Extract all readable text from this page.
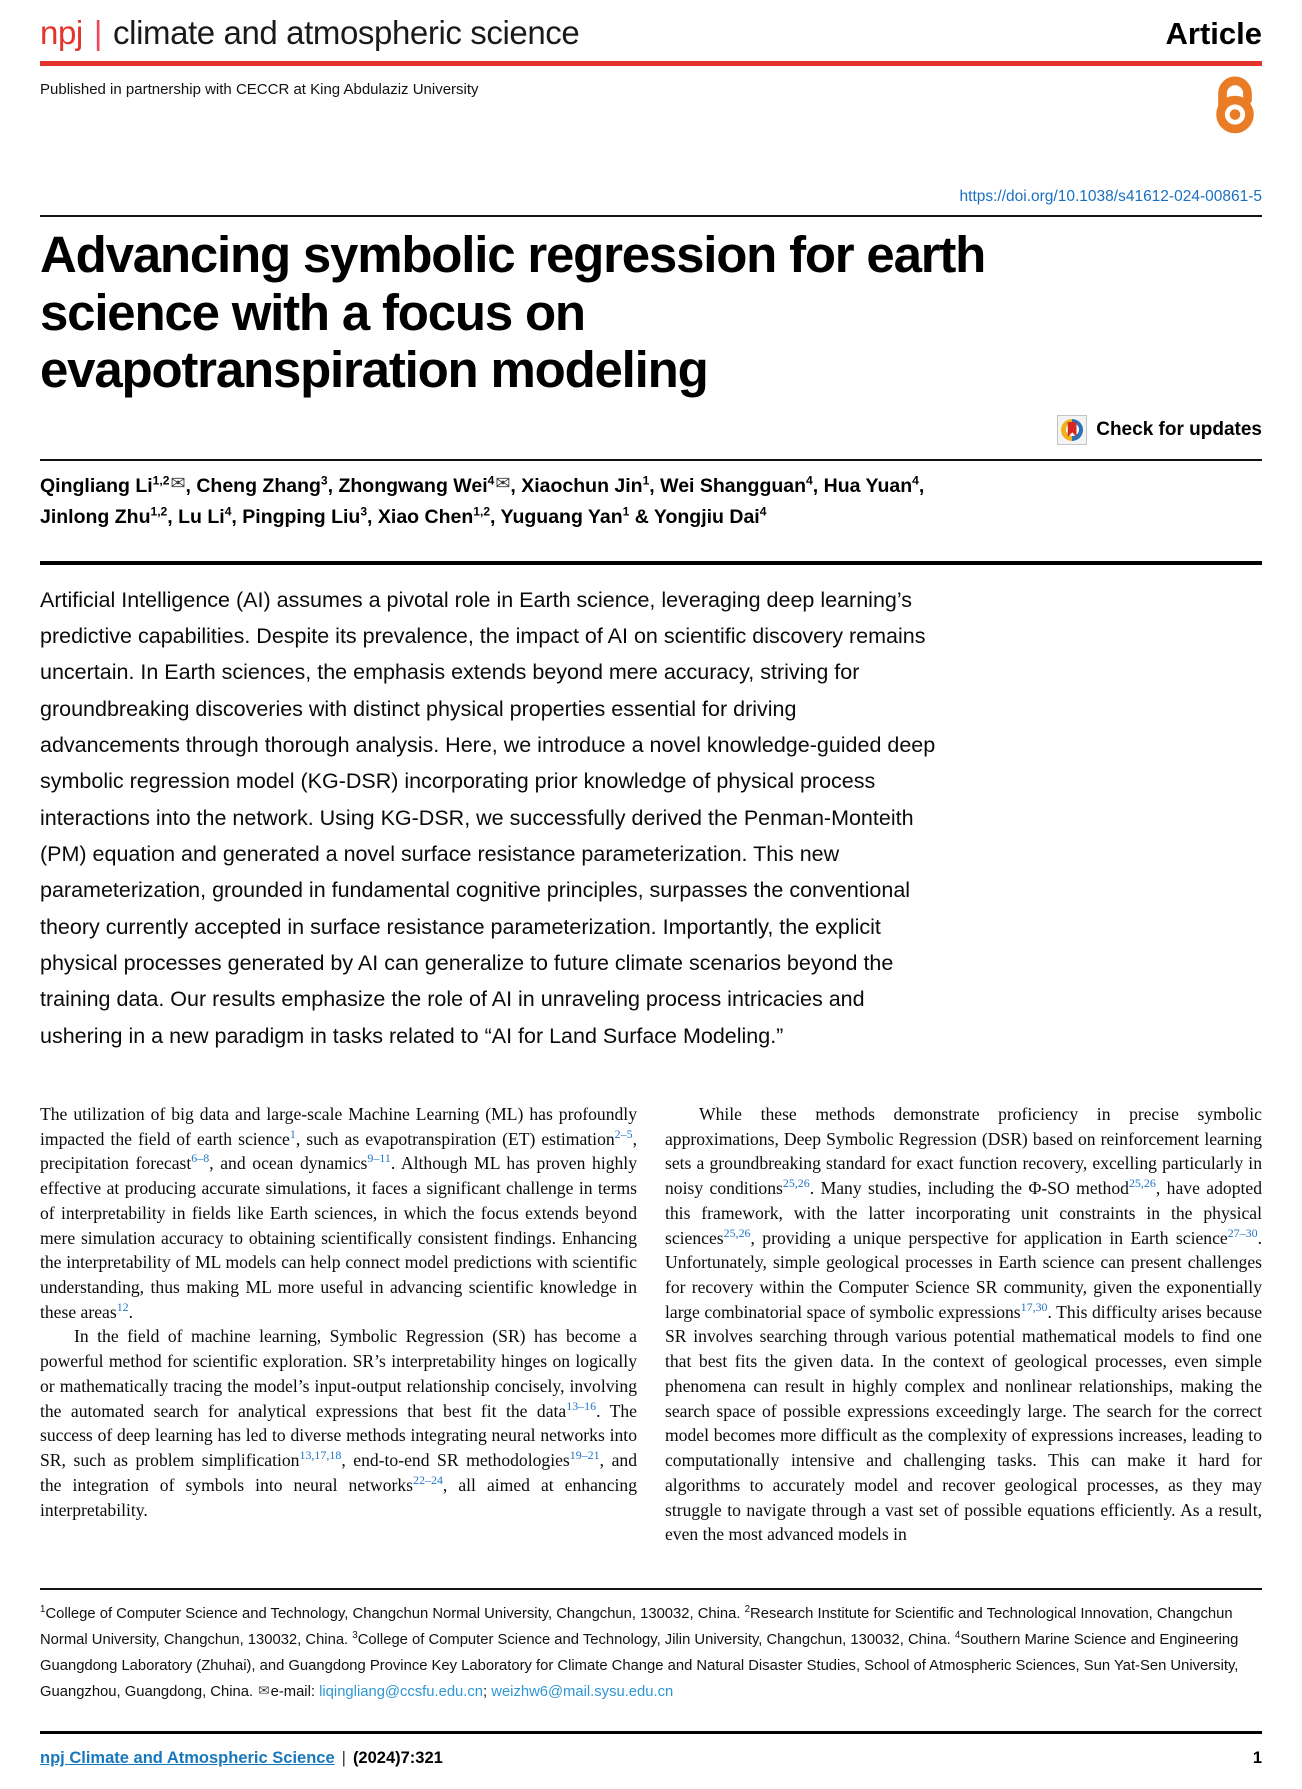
npj | climate and atmospheric science	Article
Published in partnership with CECCR at King Abdulaziz University
https://doi.org/10.1038/s41612-024-00861-5
Advancing symbolic regression for earth
science with a focus on
evapotranspiration modeling
Check for updates

Qingliang Li$^{1,2}$✉, Cheng Zhang$^3$, Zhongwang Wei$^4$✉, Xiaochun Jin$^1$, Wei Shangguan$^4$, Hua Yuan$^4$, Jinlong Zhu$^{1,2}$, Lu Li$^4$, Pingping Liu$^3$, Xiao Chen$^{1,2}$, Yuguang Yan$^1$ & Yongjiu Dai$^4$

Artificial Intelligence (AI) assumes a pivotal role in Earth science, leveraging deep learning’s predictive capabilities. Despite its prevalence, the impact of AI on scientific discovery remains uncertain. In Earth sciences, the emphasis extends beyond mere accuracy, striving for groundbreaking discoveries with distinct physical properties essential for driving advancements through thorough analysis. Here, we introduce a novel knowledge-guided deep symbolic regression model (KG-DSR) incorporating prior knowledge of physical process interactions into the network. Using KG-DSR, we successfully derived the Penman-Monteith (PM) equation and generated a novel surface resistance parameterization. This new parameterization, grounded in fundamental cognitive principles, surpasses the conventional theory currently accepted in surface resistance parameterization. Importantly, the explicit physical processes generated by AI can generalize to future climate scenarios beyond the training data. Our results emphasize the role of AI in unraveling process intricacies and ushering in a new paradigm in tasks related to “AI for Land Surface Modeling.”

The utilization of big data and large-scale Machine Learning (ML) has profoundly impacted the field of earth science$^1$, such as evapotranspiration (ET) estimation$^{2-5}$, precipitation forecast$^{6-8}$, and ocean dynamics$^{9-11}$. Although ML has proven highly effective at producing accurate simulations, it faces a significant challenge in terms of interpretability in fields like Earth sciences, in which the focus extends beyond mere simulation accuracy to obtaining scientifically consistent findings. Enhancing the interpretability of ML models can help connect model predictions with scientific understanding, thus making ML more useful in advancing scientific knowledge in these areas$^{12}$.

In the field of machine learning, Symbolic Regression (SR) has become a powerful method for scientific exploration. SR’s interpretability hinges on logically or mathematically tracing the model’s input-output relationship concisely, involving the automated search for analytical expressions that best fit the data$^{13-16}$. The success of deep learning has led to diverse methods integrating neural networks into SR, such as problem simplification$^{13,17,18}$, end-to-end SR methodologies$^{19-21}$, and the integration of symbols into neural networks$^{22-24}$, all aimed at enhancing interpretability.

While these methods demonstrate proficiency in precise symbolic approximations, Deep Symbolic Regression (DSR) based on reinforcement learning sets a groundbreaking standard for exact function recovery, excelling particularly in noisy conditions$^{25,26}$. Many studies, including the Φ-SO method$^{25,26}$, have adopted this framework, with the latter incorporating unit constraints in the physical sciences$^{25,26}$, providing a unique perspective for application in Earth science$^{27-30}$. Unfortunately, simple geological processes in Earth science can present challenges for recovery within the Computer Science SR community, given the exponentially large combinatorial space of symbolic expressions$^{17,30}$. This difficulty arises because SR involves searching through various potential mathematical models to find one that best fits the given data. In the context of geological processes, even simple phenomena can result in highly complex and nonlinear relationships, making the search space of possible expressions exceedingly large. The search for the correct model becomes more difficult as the complexity of expressions increases, leading to computationally intensive and challenging tasks. This can make it hard for algorithms to accurately model and recover geological processes, as they may struggle to navigate through a vast set of possible equations efficiently. As a result, even the most advanced models in

$^1$College of Computer Science and Technology, Changchun Normal University, Changchun, 130032, China. $^2$Research Institute for Scientific and Technological Innovation, Changchun Normal University, Changchun, 130032, China. $^3$College of Computer Science and Technology, Jilin University, Changchun, 130032, China. $^4$Southern Marine Science and Engineering Guangdong Laboratory (Zhuhai), and Guangdong Province Key Laboratory for Climate Change and Natural Disaster Studies, School of Atmospheric Sciences, Sun Yat-Sen University, Guangzhou, Guangdong, China. ✉e-mail: liqingliang@ccsfu.edu.cn; weizhw6@mail.sysu.edu.cn

npj Climate and Atmospheric Science | (2024)7:321	1
